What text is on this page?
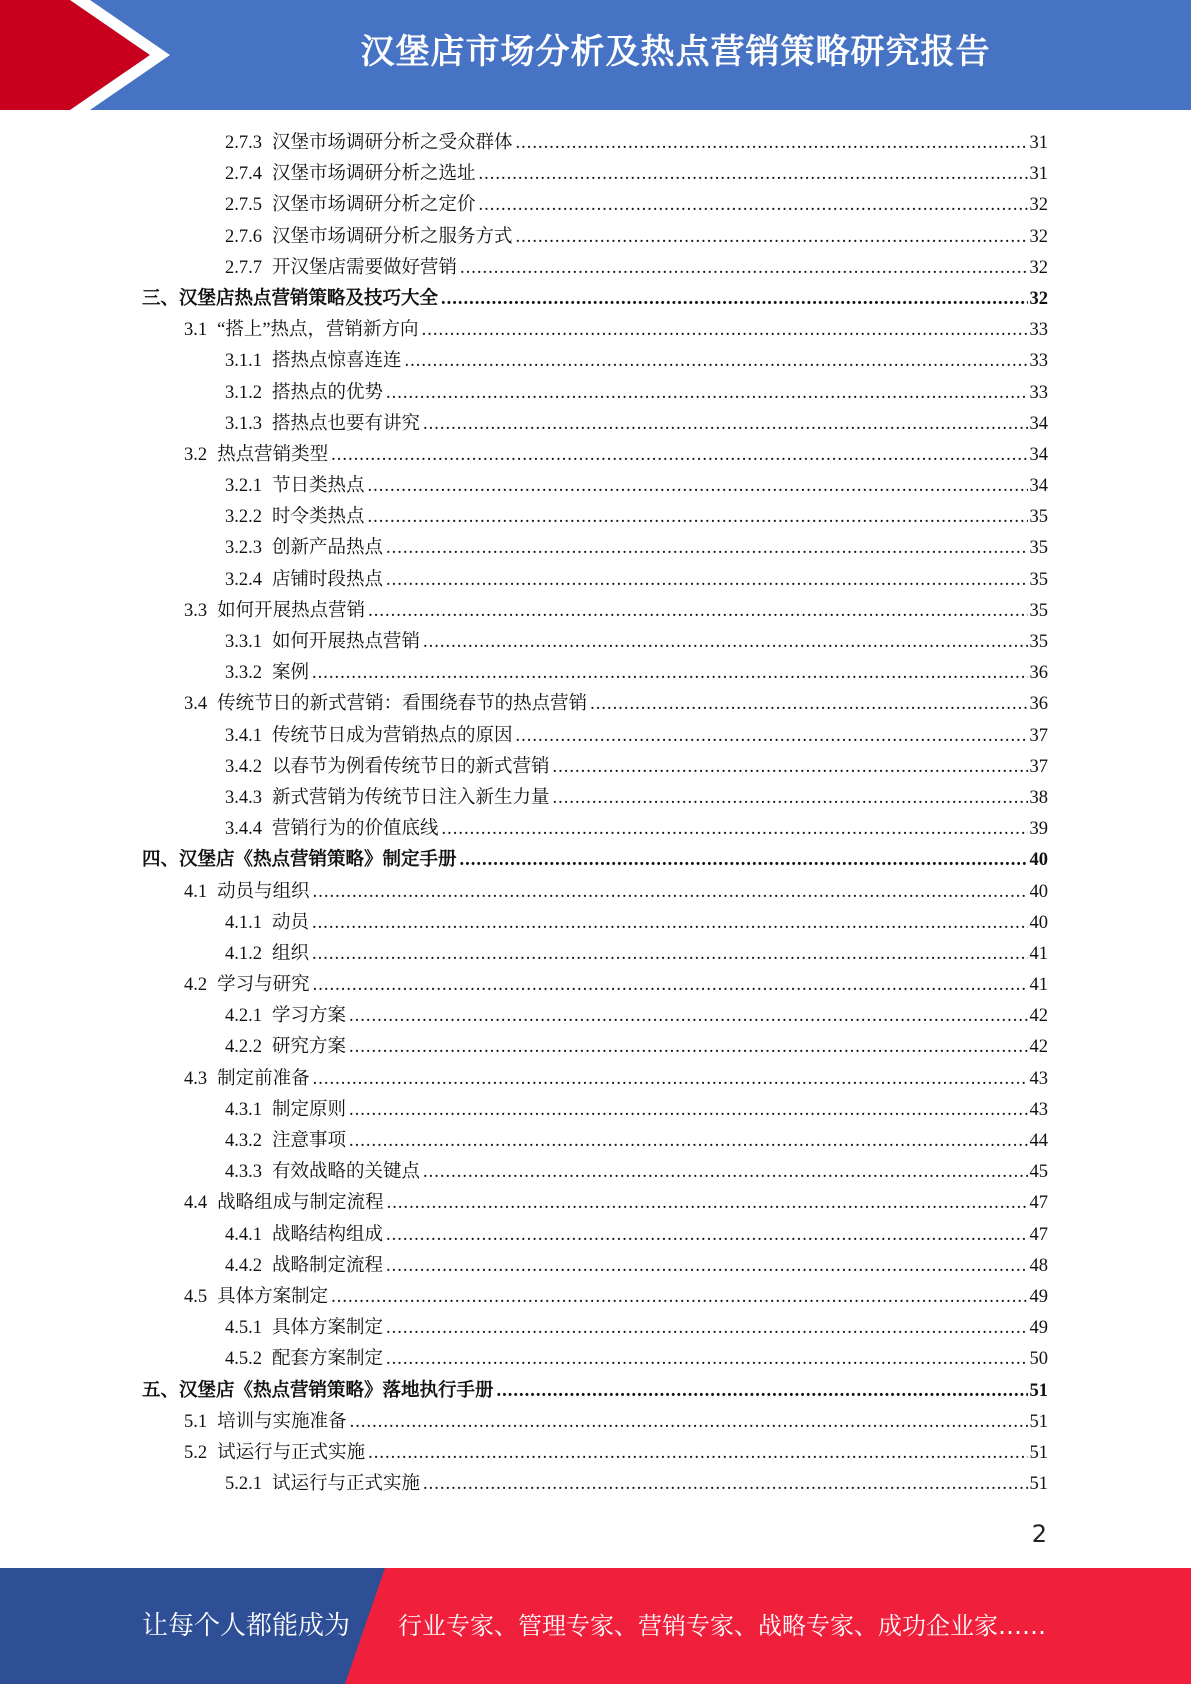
汉堡店市场分析及热点营销策略研究报告
2.7.3 汉堡市场调研分析之受众群体 .....	31
2.7.4 汉堡市场调研分析之选址 .....	31
2.7.5 汉堡市场调研分析之定价 .....	32
2.7.6 汉堡市场调研分析之服务方式 .....	32
2.7.7 开汉堡店需要做好营销 .....	32
三、 汉堡店热点营销策略及技巧大全 .....	32
3.1 “搭上”热点，营销新方向 .....	33
3.1.1 搭热点惊喜连连 .....	33
3.1.2 搭热点的优势 .....	33
3.1.3 搭热点也要有讲究 .....	34
3.2 热点营销类型 .....	34
3.2.1 节日类热点 .....	34
3.2.2 时令类热点 .....	35
3.2.3 创新产品热点 .....	35
3.2.4 店铺时段热点 .....	35
3.3 如何开展热点营销 .....	35
3.3.1 如何开展热点营销 .....	35
3.3.2 案例 .....	36
3.4 传统节日的新式营销：看围绕春节的热点营销 .....	36
3.4.1 传统节日成为营销热点的原因 .....	37
3.4.2 以春节为例看传统节日的新式营销 .....	37
3.4.3 新式营销为传统节日注入新生力量 .....	38
3.4.4 营销行为的价值底线 .....	39
四、 汉堡店《热点营销策略》制定手册 .....	40
4.1 动员与组织 .....	40
4.1.1 动员 .....	40
4.1.2 组织 .....	41
4.2 学习与研究 .....	41
4.2.1 学习方案 .....	42
4.2.2 研究方案 .....	42
4.3 制定前准备 .....	43
4.3.1 制定原则 .....	43
4.3.2 注意事项 .....	44
4.3.3 有效战略的关键点 .....	45
4.4 战略组成与制定流程 .....	47
4.4.1 战略结构组成 .....	47
4.4.2 战略制定流程 .....	48
4.5 具体方案制定 .....	49
4.5.1 具体方案制定 .....	49
4.5.2 配套方案制定 .....	50
五、 汉堡店《热点营销策略》落地执行手册 .....	51
5.1 培训与实施准备 .....	51
5.2 试运行与正式实施 .....	51
5.2.1 试运行与正式实施 .....	51
2
让每个人都能成为 行业专家、管理专家、营销专家、战略专家、成功企业家……
